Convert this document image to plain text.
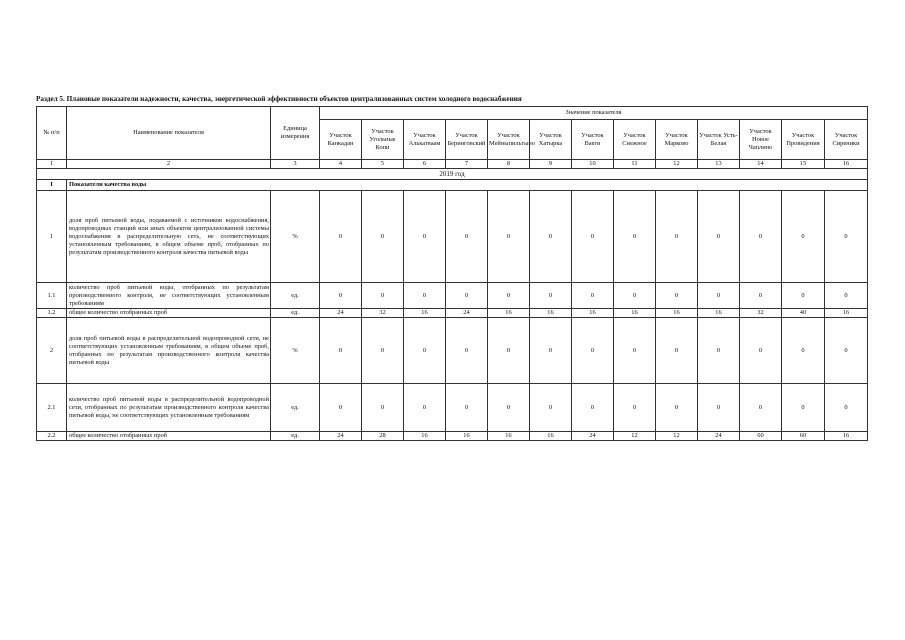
Раздел 5. Плановые показатели надежности, качества, энергетической эффективности объектов централизованных систем холодного водоснабжения
№ п/п	Наименование показателя	Единица измерения	Значение показателя												
			Участок Канкадан	Участок Угольные Копи	Участок Алькатваам	Участок Беринговский	Участок Мейныпильгыно	Участок Хатырка	Участок Ваеги	Участок Снежное	Участок Марково	Участок Усть-Белая	Участок Новое Чаплино	Участок Провидения	Участок Сиреники
1	2	3	4	5	6	7	8	9	10	11	12	13	14	15	16
2019 год															
I	Показатели качества воды														
1	доля проб питьевой воды, подаваемой с источников водоснабжения, водопроводных станций или иных объектов централизованной системы водоснабжения в распределительную сеть, не соответствующих установленным требованиям, в общем объеме проб, отобранных по результатам производственного контроля качества питьевой воды	%	0	0	0	0	0	0	0	0	0	0	0	0	0
1.1	количество проб питьевой воды, отобранных по результатам производственного контроля, не соответствующих установленным требованиям	ед.	0	0	0	0	0	0	0	0	0	0	0	0	0
1.2	общее количество отобранных проб	ед.	24	32	16	24	16	16	16	16	16	16	32	40	16
2	доля проб питьевой воды в распределительной водопроводной сети, не соответствующих установленным требованиям, в общем объеме проб, отобранных по результатам производственного контроля качества питьевой воды	%	0	0	0	0	0	0	0	0	0	0	0	0	0
2.1	количество проб питьевой воды в распределительной водопроводной сети, отобранных по результатам производственного контроля качества питьевой воды, не соответствующих установленным требованиям	ед.	0	0	0	0	0	0	0	0	0	0	0	0	0
2.2	общее количество отобранных проб	ед.	24	28	16	16	16	16	24	12	12	24	60	60	16
